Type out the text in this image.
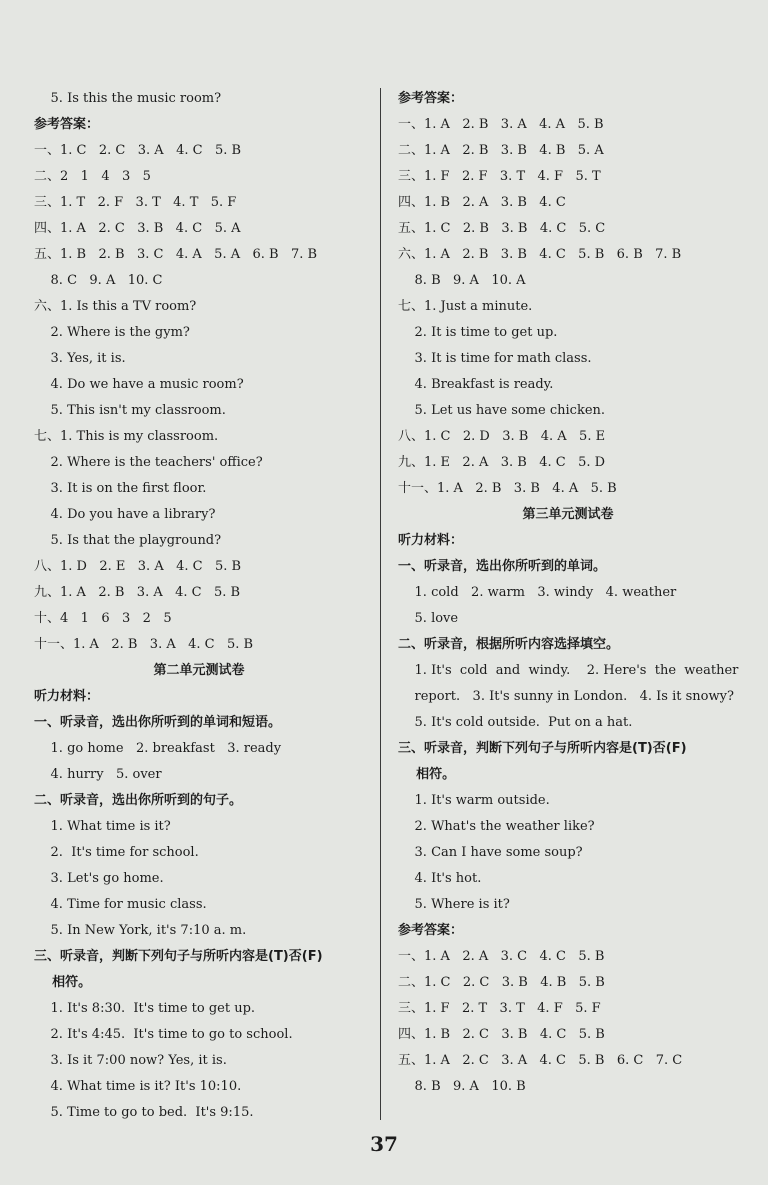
5. Is this the music room?
参考答案：
一、1. C   2. C   3. A   4. C   5. B
二、2   1   4   3   5
三、1. T   2. F   3. T   4. T   5. F
四、1. A   2. C   3. B   4. C   5. A
五、1. B   2. B   3. C   4. A   5. A   6. B   7. B
8. C   9. A   10. C
六、1. Is this a TV room?
2. Where is the gym?
3. Yes, it is.
4. Do we have a music room?
5. This isn't my classroom.
七、1. This is my classroom.
2. Where is the teachers' office?
3. It is on the first floor.
4. Do you have a library?
5. Is that the playground?
八、1. D   2. E   3. A   4. C   5. B
九、1. A   2. B   3. A   4. C   5. B
十、4   1   6   3   2   5
十一、1. A   2. B   3. A   4. C   5. B
第二单元测试卷
听力材料：
一、听录音，选出你所听到的单词和短语。
1. go home   2. breakfast   3. ready
4. hurry   5. over
二、听录音，选出你所听到的句子。
1. What time is it?
2.  It's time for school.
3. Let's go home.
4. Time for music class.
5. In New York, it's 7:10 a. m.
三、听录音，判断下列句子与所听内容是(T)否(F)
相符。
1. It's 8:30.  It's time to get up.
2. It's 4:45.  It's time to go to school.
3. Is it 7:00 now? Yes, it is.
4. What time is it? It's 10:10.
5. Time to go to bed.  It's 9:15.
参考答案：
一、1. A   2. B   3. A   4. A   5. B
二、1. A   2. B   3. B   4. B   5. A
三、1. F   2. F   3. T   4. F   5. T
四、1. B   2. A   3. B   4. C
五、1. C   2. B   3. B   4. C   5. C
六、1. A   2. B   3. B   4. C   5. B   6. B   7. B
8. B   9. A   10. A
七、1. Just a minute.
2. It is time to get up.
3. It is time for math class.
4. Breakfast is ready.
5. Let us have some chicken.
八、1. C   2. D   3. B   4. A   5. E
九、1. E   2. A   3. B   4. C   5. D
十一、1. A   2. B   3. B   4. A   5. B
第三单元测试卷
听力材料：
一、听录音，选出你所听到的单词。
1. cold   2. warm   3. windy   4. weather
5. love
二、听录音，根据所听内容选择填空。
1. It's  cold  and  windy.    2. Here's  the  weather
report.   3. It's sunny in London.   4. Is it snowy?
5. It's cold outside.  Put on a hat.
三、听录音，判断下列句子与所听内容是(T)否(F)
相符。
1. It's warm outside.
2. What's the weather like?
3. Can I have some soup?
4. It's hot.
5. Where is it?
参考答案：
一、1. A   2. A   3. C   4. C   5. B
二、1. C   2. C   3. B   4. B   5. B
三、1. F   2. T   3. T   4. F   5. F
四、1. B   2. C   3. B   4. C   5. B
五、1. A   2. C   3. A   4. C   5. B   6. C   7. C
8. B   9. A   10. B
37
